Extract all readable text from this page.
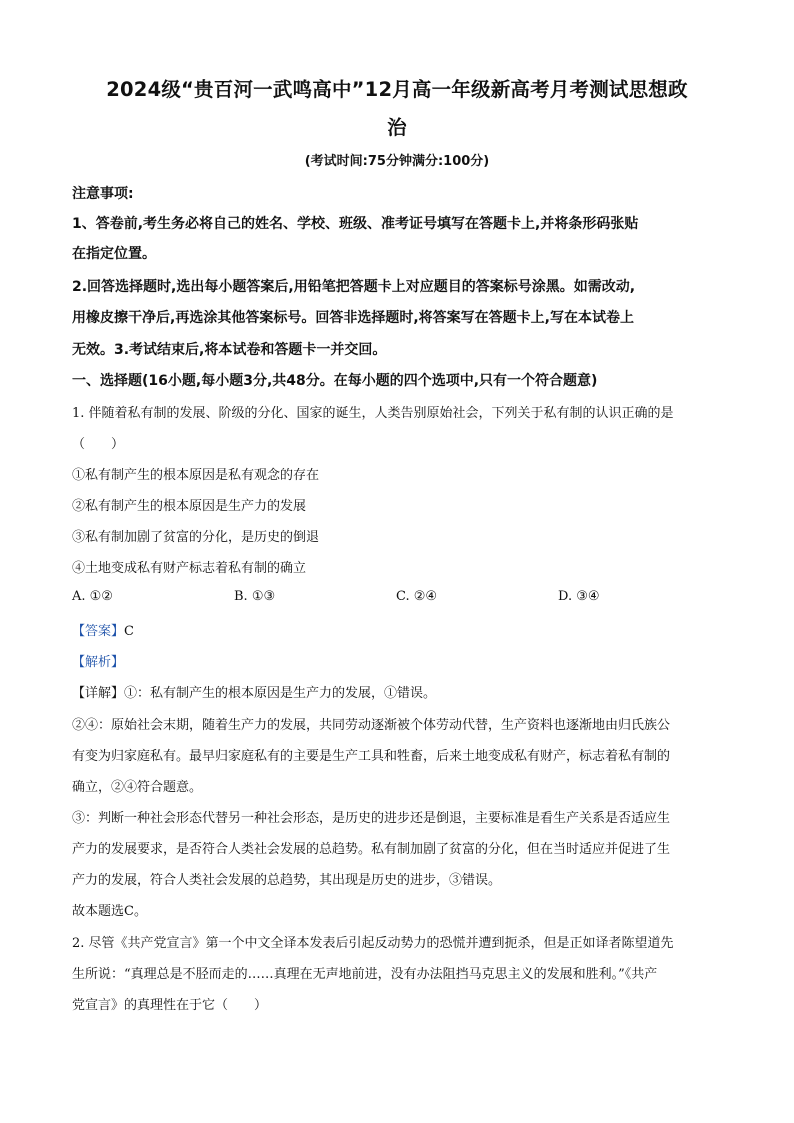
2024级“贵百河一武鸣高中”12月高一年级新高考月考测试思想政
治
(考试时间:75分钟满分:100分)
注意事项:
1、答卷前,考生务必将自己的姓名、学校、班级、准考证号填写在答题卡上,并将条形码张贴
在指定位置。
2.回答选择题时,选出每小题答案后,用铅笔把答题卡上对应题目的答案标号涂黑。如需改动,
用橡皮擦干净后,再选涂其他答案标号。回答非选择题时,将答案写在答题卡上,写在本试卷上
无效。3.考试结束后,将本试卷和答题卡一并交回。
一、选择题(16小题,每小题3分,共48分。在每小题的四个选项中,只有一个符合题意)
1. 伴随着私有制的发展、阶级的分化、国家的诞生，人类告别原始社会，下列关于私有制的认识正确的是
（　　）
①私有制产生的根本原因是私有观念的存在
②私有制产生的根本原因是生产力的发展
③私有制加剧了贫富的分化，是历史的倒退
④土地变成私有财产标志着私有制的确立
A. ①②	B. ①③	C. ②④	D. ③④
【答案】C
【解析】
【详解】①：私有制产生的根本原因是生产力的发展，①错误。
②④：原始社会末期，随着生产力的发展，共同劳动逐渐被个体劳动代替，生产资料也逐渐地由归氏族公
有变为归家庭私有。最早归家庭私有的主要是生产工具和牲畜，后来土地变成私有财产，标志着私有制的
确立，②④符合题意。
③：判断一种社会形态代替另一种社会形态，是历史的进步还是倒退，主要标准是看生产关系是否适应生
产力的发展要求，是否符合人类社会发展的总趋势。私有制加剧了贫富的分化，但在当时适应并促进了生
产力的发展，符合人类社会发展的总趋势，其出现是历史的进步，③错误。
故本题选C。
2. 尽管《共产党宣言》第一个中文全译本发表后引起反动势力的恐慌并遭到扼杀，但是正如译者陈望道先
生所说：“真理总是不胫而走的……真理在无声地前进，没有办法阻挡马克思主义的发展和胜利。”《共产
党宣言》的真理性在于它（　　）
